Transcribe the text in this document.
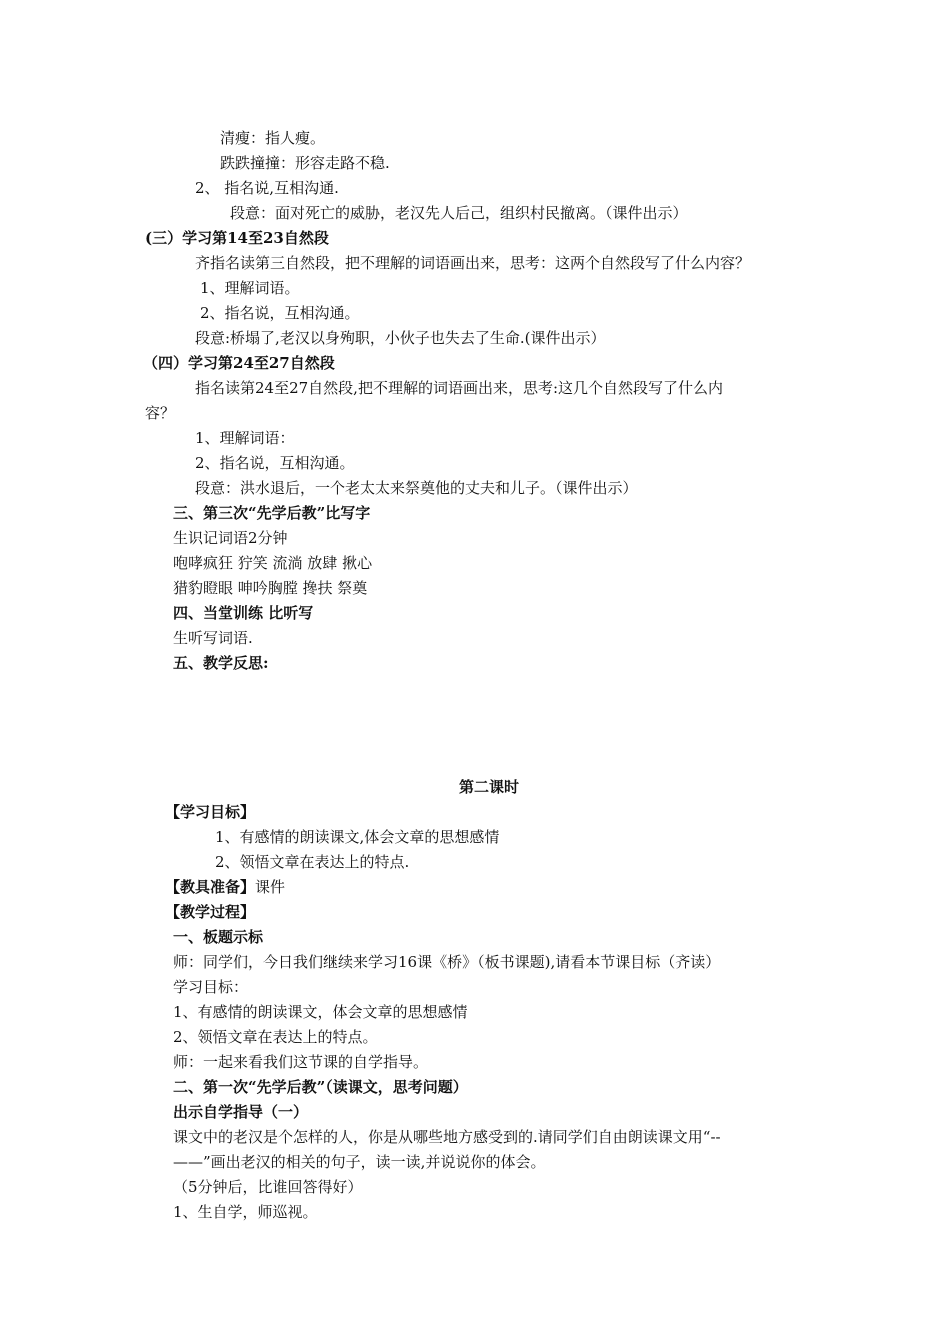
清瘦：指人瘦。
跌跌撞撞：形容走路不稳.
2、 指名说,互相沟通.
段意：面对死亡的威胁，老汉先人后己，组织村民撤离。（课件出示）
(三）学习第14至23自然段
齐指名读第三自然段，把不理解的词语画出来，思考：这两个自然段写了什么内容？
1、理解词语。
2、指名说，互相沟通。
段意:桥塌了,老汉以身殉职，小伙子也失去了生命.(课件出示）
（四）学习第24至27自然段
指名读第24至27自然段,把不理解的词语画出来，思考:这几个自然段写了什么内
容？
1、理解词语：
2、指名说，互相沟通。
段意：洪水退后，一个老太太来祭奠他的丈夫和儿子。（课件出示）
三、第三次“先学后教”比写字
生识记词语2分钟
咆哮疯狂 狞笑 流淌 放肆 揪心
猎豹瞪眼 呻吟胸膛 搀扶 祭奠
四、当堂训练 比听写
生听写词语.
五、教学反思:
第二课时
【学习目标】
1、有感情的朗读课文,体会文章的思想感情
2、领悟文章在表达上的特点.
【教具准备】课件
【教学过程】
一、板题示标
师：同学们，今日我们继续来学习16课《桥》（板书课题),请看本节课目标（齐读）
学习目标：
1、有感情的朗读课文，体会文章的思想感情
2、领悟文章在表达上的特点。
师：一起来看我们这节课的自学指导。
二、第一次“先学后教”（读课文，思考问题）
出示自学指导（一）
课文中的老汉是个怎样的人，你是从哪些地方感受到的.请同学们自由朗读课文用“--
——”画出老汉的相关的句子，读一读,并说说你的体会。
（5分钟后，比谁回答得好）
1、生自学，师巡视。
